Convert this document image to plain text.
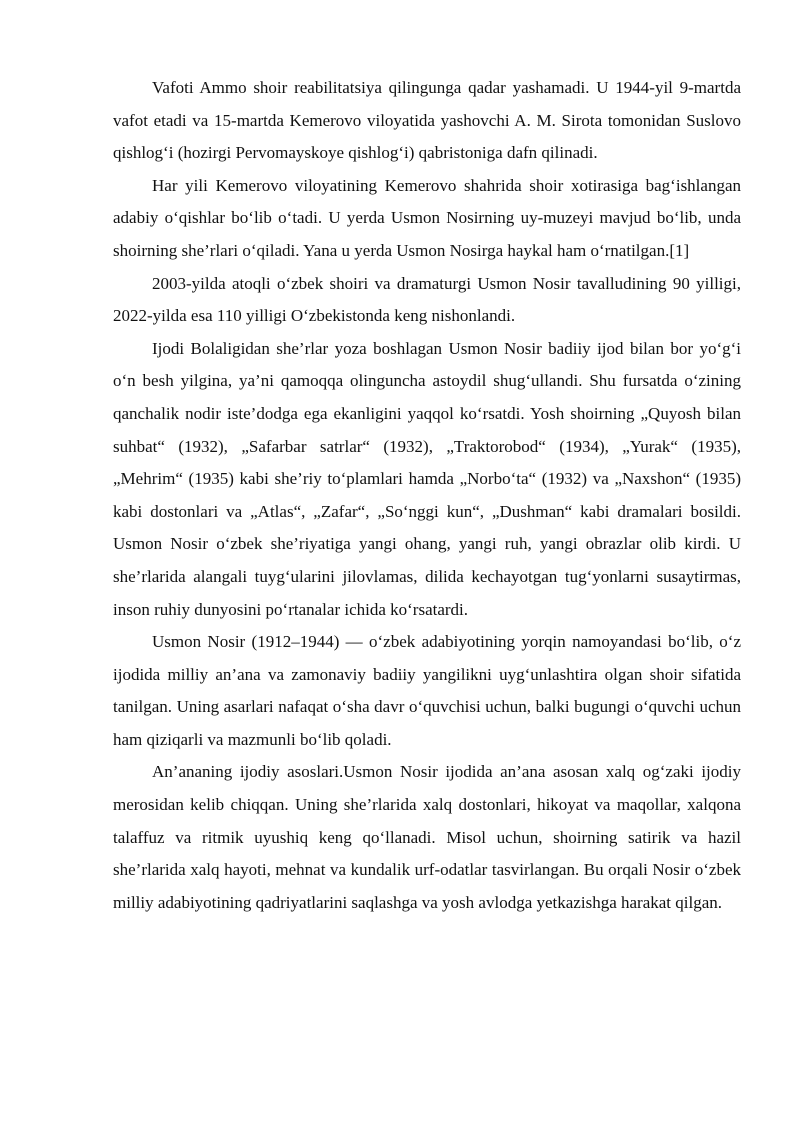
Vafoti Ammo shoir reabilitatsiya qilingunga qadar yashamadi. U 1944-yil 9-martda vafot etadi va 15-martda Kemerovo viloyatida yashovchi A. M. Sirota tomonidan Suslovo qishlog‘i (hozirgi Pervomayskoye qishlog‘i) qabristoniga dafn qilinadi.

Har yili Kemerovo viloyatining Kemerovo shahrida shoir xotirasiga bag‘ishlangan adabiy o‘qishlar bo‘lib o‘tadi. U yerda Usmon Nosirning uy-muzeyi mavjud bo‘lib, unda shoirning she’rlari o‘qiladi. Yana u yerda Usmon Nosirga haykal ham o‘rnatilgan.[1]

2003-yilda atoqli o‘zbek shoiri va dramaturgi Usmon Nosir tavalludining 90 yilligi, 2022-yilda esa 110 yilligi O‘zbekistonda keng nishonlandi.

Ijodi Bolaligidan she’rlar yoza boshlagan Usmon Nosir badiiy ijod bilan bor yo‘g‘i o‘n besh yilgina, ya’ni qamoqqa olinguncha astoydil shug‘ullandi. Shu fursatda o‘zining qanchalik nodir iste’dodga ega ekanligini yaqqol ko‘rsatdi. Yosh shoirning „Quyosh bilan suhbat“ (1932), „Safarbar satrlar“ (1932), „Traktorobod“ (1934), „Yurak“ (1935), „Mehrim“ (1935) kabi she’riy to‘plamlari hamda „Norbo‘ta“ (1932) va „Naxshon“ (1935) kabi dostonlari va „Atlas“, „Zafar“, „So‘nggi kun“, „Dushman“ kabi dramalari bosildi. Usmon Nosir o‘zbek she’riyatiga yangi ohang, yangi ruh, yangi obrazlar olib kirdi. U she’rlarida alangali tuyg‘ularini jilovlamas, dilida kechayotgan tug‘yonlarni susaytirmas, inson ruhiy dunyosini po‘rtanalar ichida ko‘rsatardi.

Usmon Nosir (1912–1944) — o‘zbek adabiyotining yorqin namoyandasi bo‘lib, o‘z ijodida milliy an’ana va zamonaviy badiiy yangilikni uyg‘unlashtira olgan shoir sifatida tanilgan. Uning asarlari nafaqat o‘sha davr o‘quvchisi uchun, balki bugungi o‘quvchi uchun ham qiziqarli va mazmunli bo‘lib qoladi.

An’ananing ijodiy asoslari.Usmon Nosir ijodida an’ana asosan xalq og‘zaki ijodiy merosidan kelib chiqqan. Uning she’rlarida xalq dostonlari, hikoyat va maqollar, xalqona talaffuz va ritmik uyushiq keng qo‘llanadi. Misol uchun, shoirning satirik va hazil she’rlarida xalq hayoti, mehnat va kundalik urf-odatlar tasvirlangan. Bu orqali Nosir o‘zbek milliy adabiyotining qadriyatlarini saqlashga va yosh avlodga yetkazishga harakat qilgan.
